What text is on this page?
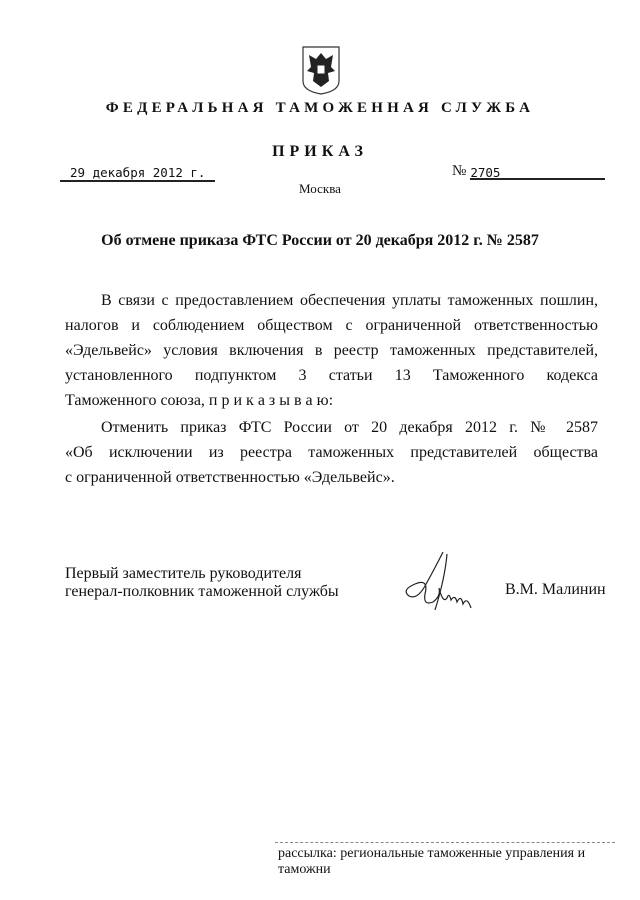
ФЕДЕРАЛЬНАЯ ТАМОЖЕННАЯ СЛУЖБА
ПРИКАЗ
29 декабря 2012 г.	№ 2705
Москва
Об отмене приказа ФТС России от 20 декабря 2012 г. № 2587
В связи с предоставлением обеспечения уплаты таможенных пошлин,
налогов и соблюдением обществом с ограниченной ответственностью
«Эдельвейс» условия включения в реестр таможенных представителей,
установленного подпунктом 3 статьи 13 Таможенного кодекса
Таможенного союза, п р и к а з ы в а ю:
Отменить приказ ФТС России от 20 декабря 2012 г. № 2587
«Об исключении из реестра таможенных представителей общества
с ограниченной ответственностью «Эдельвейс».
Первый заместитель руководителя
генерал-полковник таможенной службы	В.М. Малинин
рассылка: региональные таможенные управления и таможни
